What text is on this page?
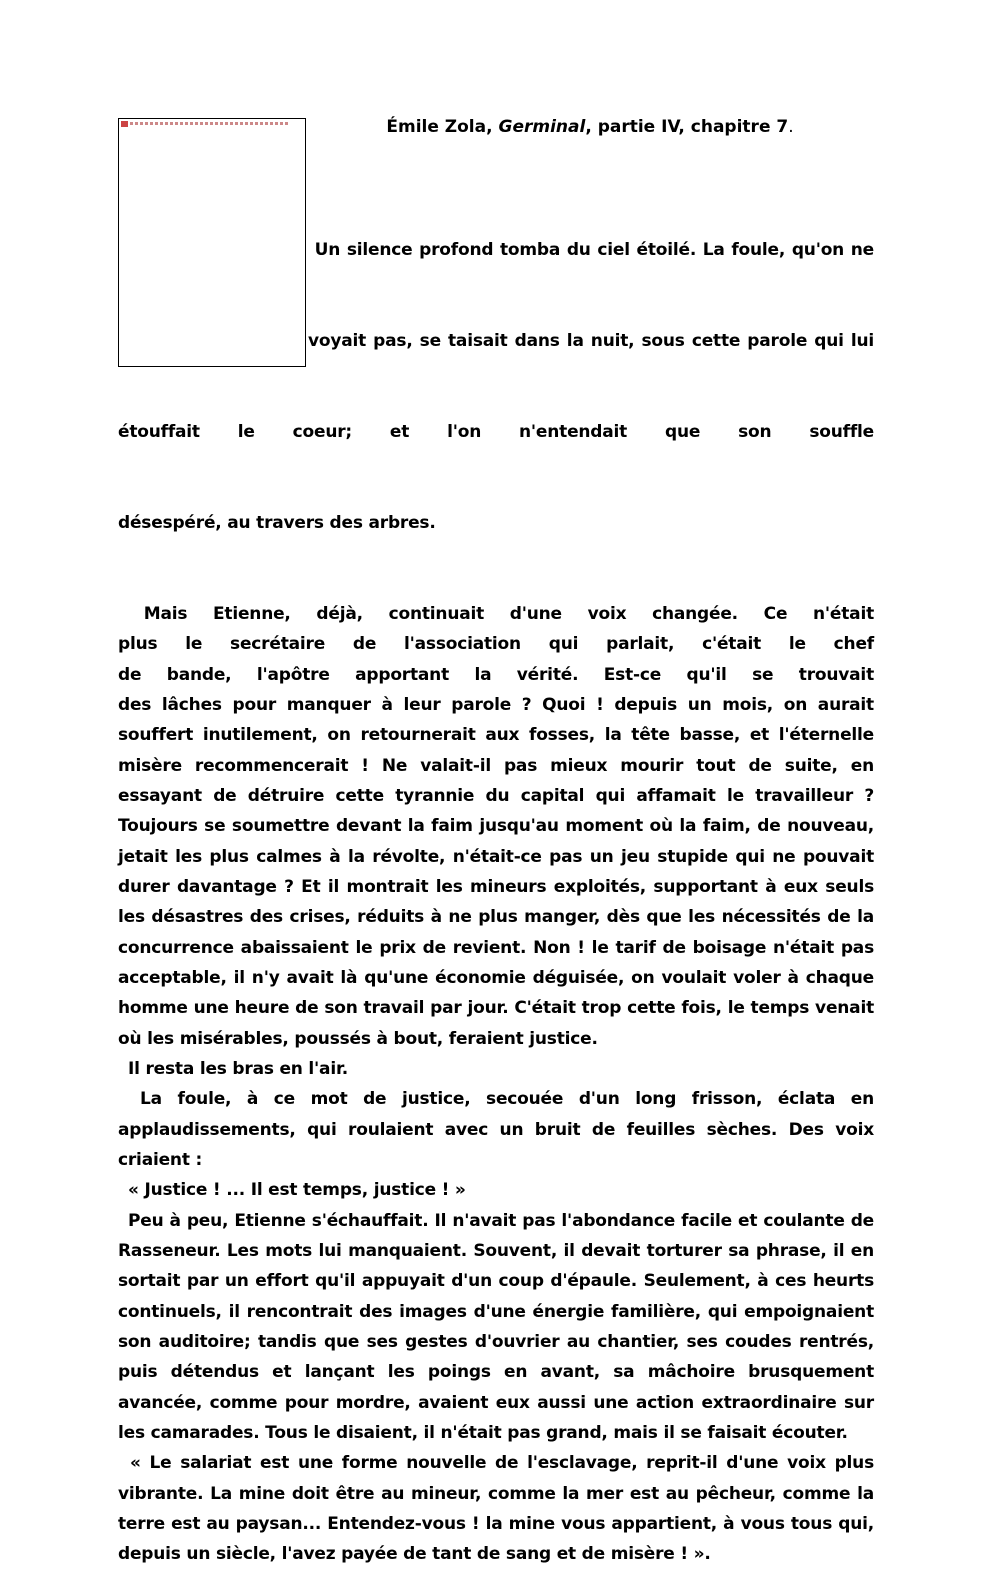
Émile Zola, Germinal, partie IV, chapitre 7.

Un silence profond tomba du ciel étoilé. La foule, qu'on ne

voyait pas, se taisait dans la nuit, sous cette parole qui lui

étouffait le coeur; et l'on n'entendait que son souffle

désespéré, au travers des arbres.

Mais Etienne, déjà, continuait d'une voix changée. Ce n'était
plus le secrétaire de l'association qui parlait, c'était le chef
de bande, l'apôtre apportant la vérité. Est-ce qu'il se trouvait
des lâches pour manquer à leur parole ? Quoi ! depuis un mois, on aurait souffert inutilement, on retournerait aux fosses, la tête basse, et l'éternelle misère recommencerait ! Ne valait-il pas mieux mourir tout de suite, en essayant de détruire cette tyrannie du capital qui affamait le travailleur ? Toujours se soumettre devant la faim jusqu'au moment où la faim, de nouveau, jetait les plus calmes à la révolte, n'était-ce pas un jeu stupide qui ne pouvait durer davantage ? Et il montrait les mineurs exploités, supportant à eux seuls les désastres des crises, réduits à ne plus manger, dès que les nécessités de la concurrence abaissaient le prix de revient. Non ! le tarif de boisage n'était pas acceptable, il n'y avait là qu'une économie déguisée, on voulait voler à chaque homme une heure de son travail par jour. C'était trop cette fois, le temps venait où les misérables, poussés à bout, feraient justice.

Il resta les bras en l'air.

La foule, à ce mot de justice, secouée d'un long frisson, éclata en applaudissements, qui roulaient avec un bruit de feuilles sèches. Des voix criaient :

« Justice ! ... Il est temps, justice ! »

Peu à peu, Etienne s'échauffait. Il n'avait pas l'abondance facile et coulante de Rasseneur. Les mots lui manquaient. Souvent, il devait torturer sa phrase, il en sortait par un effort qu'il appuyait d'un coup d'épaule. Seulement, à ces heurts continuels, il rencontrait des images d'une énergie familière, qui empoignaient son auditoire; tandis que ses gestes d'ouvrier au chantier, ses coudes rentrés, puis détendus et lançant les poings en avant, sa mâchoire brusquement avancée, comme pour mordre, avaient eux aussi une action extraordinaire sur les camarades. Tous le disaient, il n'était pas grand, mais il se faisait écouter.

« Le salariat est une forme nouvelle de l'esclavage, reprit-il d'une voix plus vibrante. La mine doit être au mineur, comme la mer est au pêcheur, comme la terre est au paysan... Entendez-vous ! la mine vous appartient, à vous tous qui, depuis un siècle, l'avez payée de tant de sang et de misère ! ».
